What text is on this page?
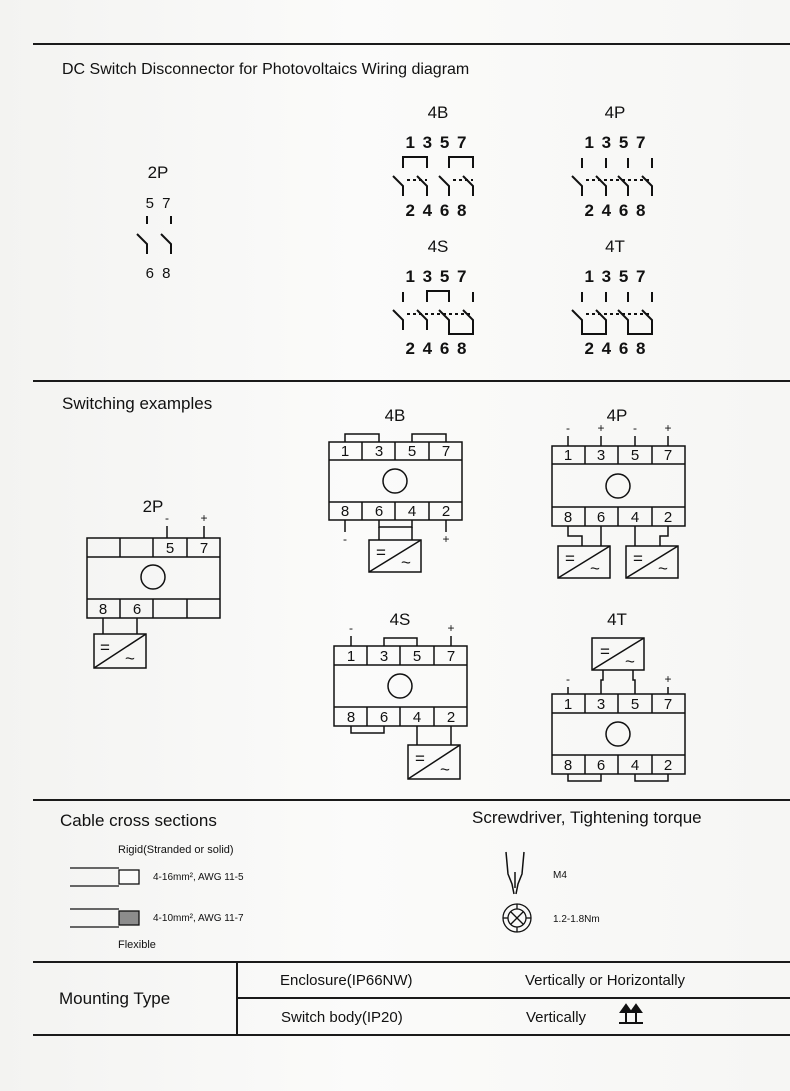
DC Switch Disconnector for Photovoltaics Wiring diagram
2P
5 7
6 8
4B
1 3 5 7
2 4 6 8
4P
1 3 5 7
2 4 6 8
4S
1 3 5 7
2 4 6 8
4T
1 3 5 7
2 4 6 8
Switching examples
2P
-	+
5 7
8 6
=
~
4B
1 3 5 7
8 6 4 2
-	+
=
~
4P
- + - +
1 3 5 7
8 6 4 2
=
~
=
~
4S
-	+
1 3 5 7
8 6 4 2
=
~
4T
-	+
=
~
1 3 5 7
8 6 4 2
Cable cross sections
Rigid(Stranded or solid)
4-16mm², AWG 11-5
4-10mm², AWG 11-7
Flexible
Screwdriver, Tightening torque
M4
1.2-1.8Nm
Mounting Type
Enclosure(IP66NW)	Vertically or Horizontally
Switch body(IP20)	Vertically
